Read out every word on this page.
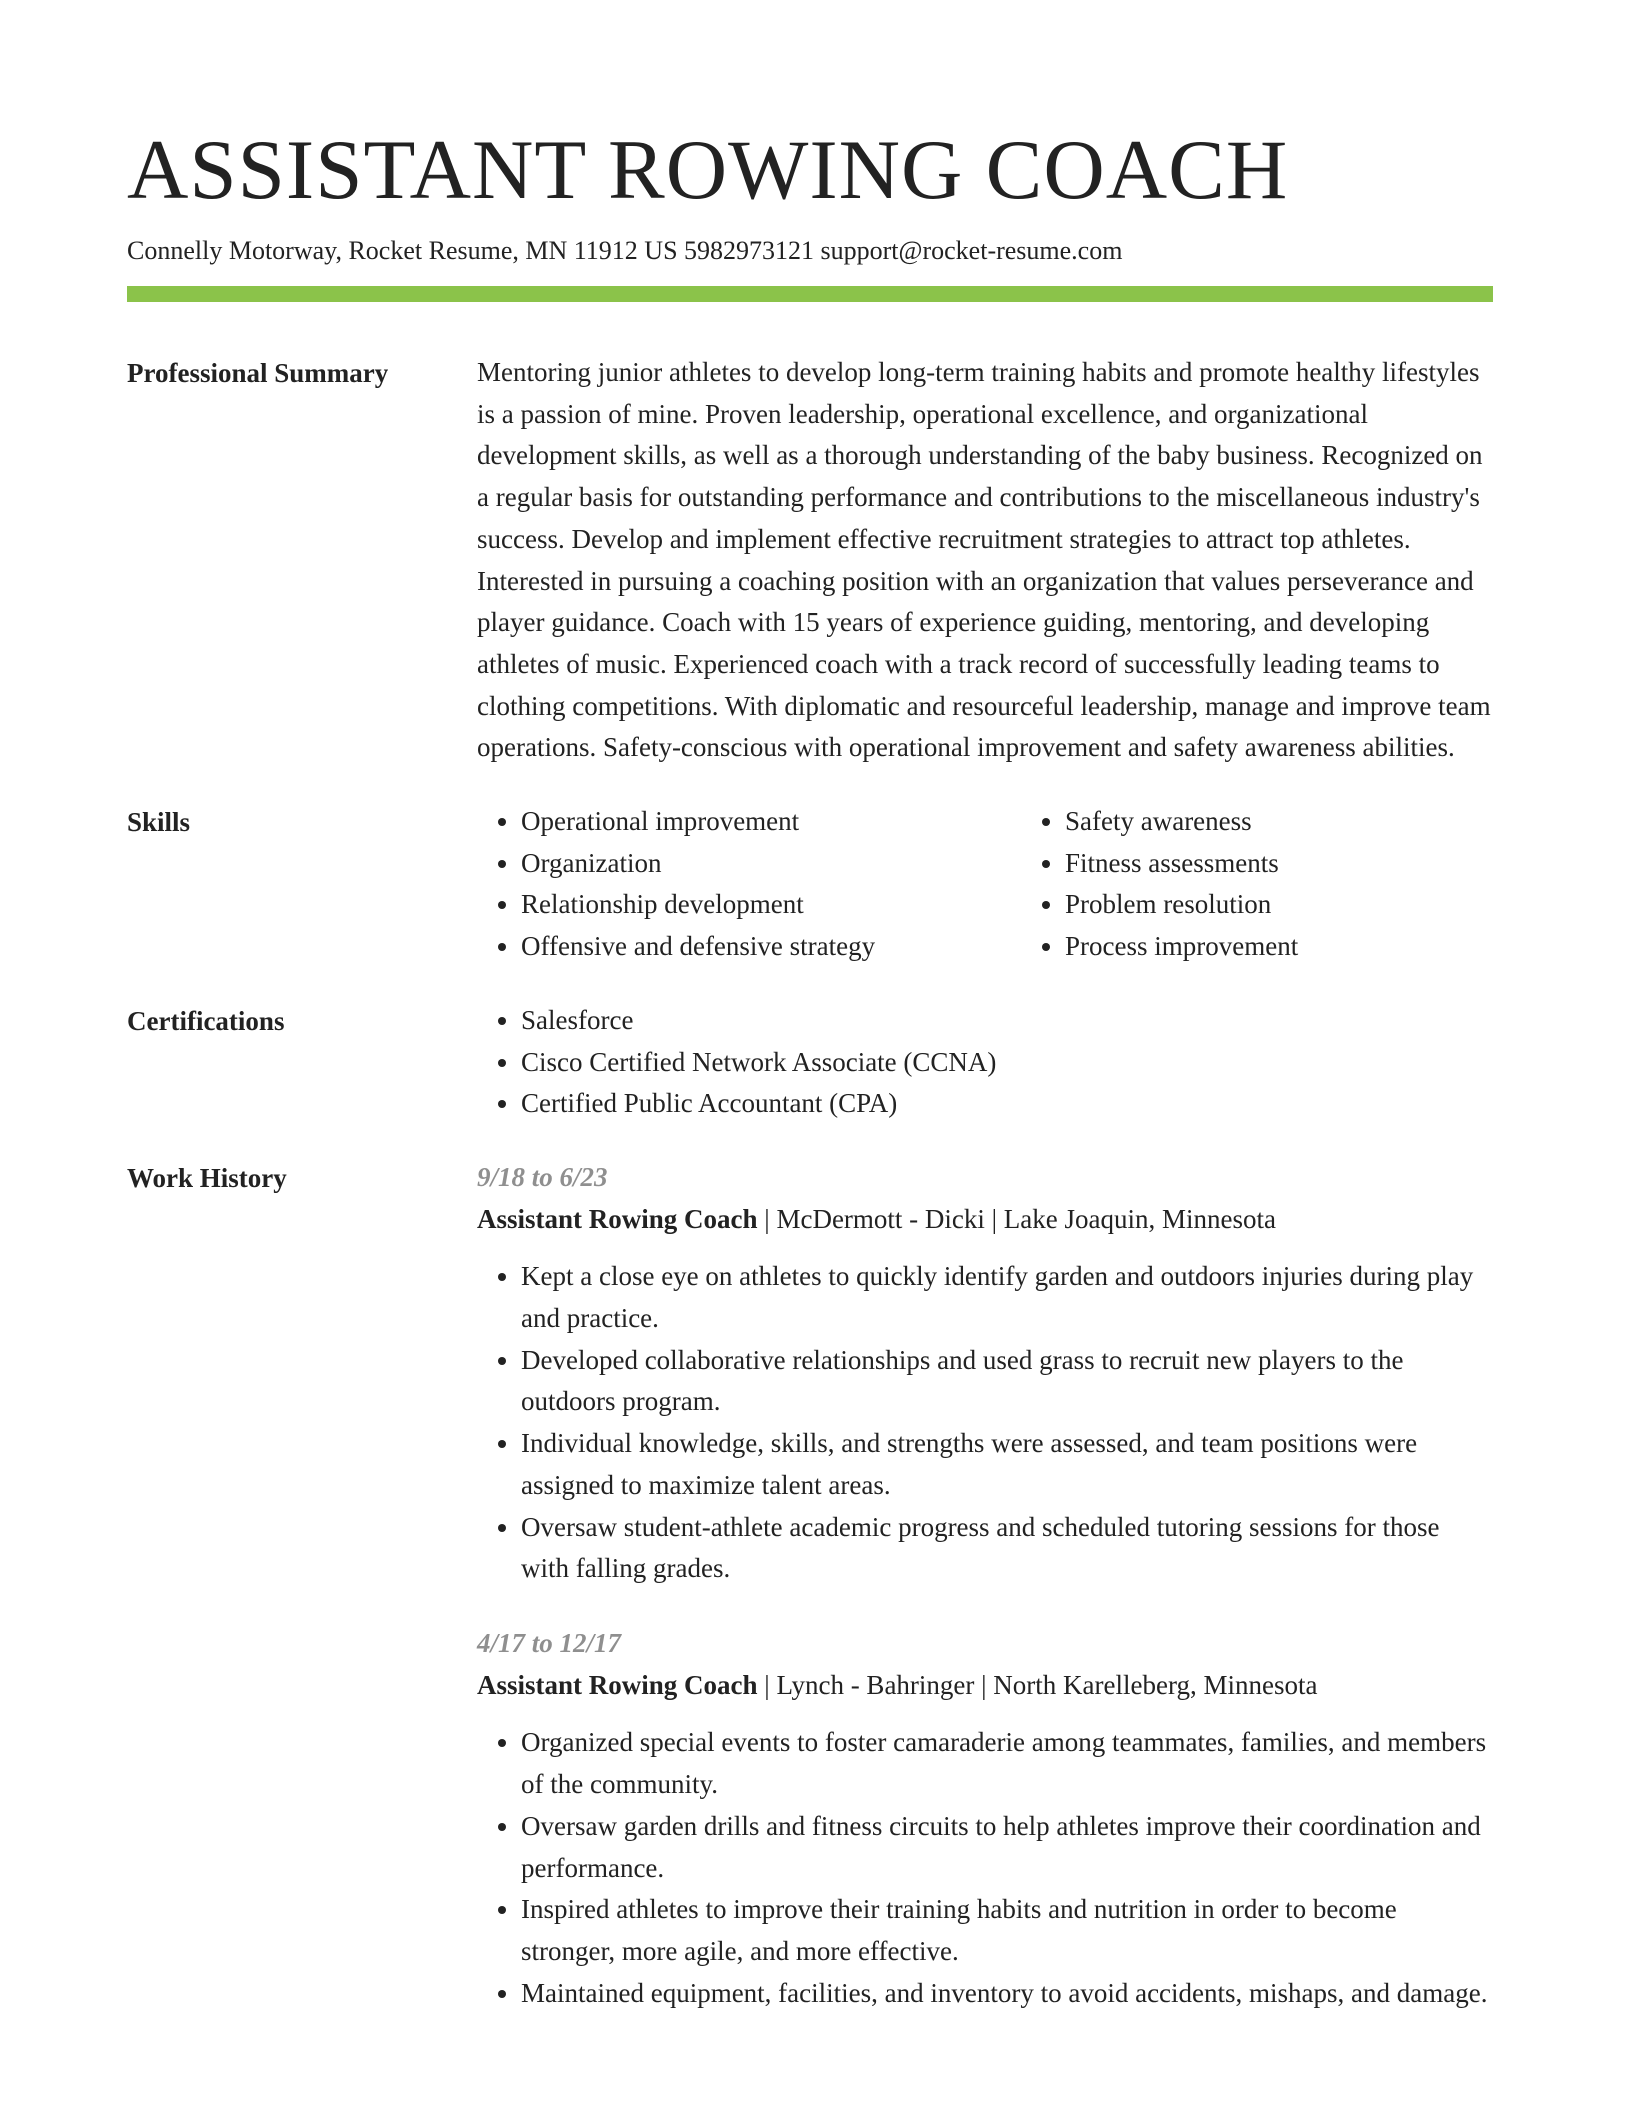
ASSISTANT ROWING COACH
Connelly Motorway, Rocket Resume, MN 11912 US 5982973121 support@rocket-resume.com
Professional Summary	Mentoring junior athletes to develop long-term training habits and promote healthy lifestyles is a passion of mine. Proven leadership, operational excellence, and organizational development skills, as well as a thorough understanding of the baby business. Recognized on a regular basis for outstanding performance and contributions to the miscellaneous industry's success. Develop and implement effective recruitment strategies to attract top athletes. Interested in pursuing a coaching position with an organization that values perseverance and player guidance. Coach with 15 years of experience guiding, mentoring, and developing athletes of music. Experienced coach with a track record of successfully leading teams to clothing competitions. With diplomatic and resourceful leadership, manage and improve team operations. Safety-conscious with operational improvement and safety awareness abilities.
Skills	• Operational improvement
• Organization
• Relationship development
• Offensive and defensive strategy
• Safety awareness
• Fitness assessments
• Problem resolution
• Process improvement
Certifications	• Salesforce
• Cisco Certified Network Associate (CCNA)
• Certified Public Accountant (CPA)
Work History	9/18 to 6/23
Assistant Rowing Coach | McDermott - Dicki | Lake Joaquin, Minnesota
• Kept a close eye on athletes to quickly identify garden and outdoors injuries during play and practice.
• Developed collaborative relationships and used grass to recruit new players to the outdoors program.
• Individual knowledge, skills, and strengths were assessed, and team positions were assigned to maximize talent areas.
• Oversaw student-athlete academic progress and scheduled tutoring sessions for those with falling grades.
4/17 to 12/17
Assistant Rowing Coach | Lynch - Bahringer | North Karelleberg, Minnesota
• Organized special events to foster camaraderie among teammates, families, and members of the community.
• Oversaw garden drills and fitness circuits to help athletes improve their coordination and performance.
• Inspired athletes to improve their training habits and nutrition in order to become stronger, more agile, and more effective.
• Maintained equipment, facilities, and inventory to avoid accidents, mishaps, and damage.
